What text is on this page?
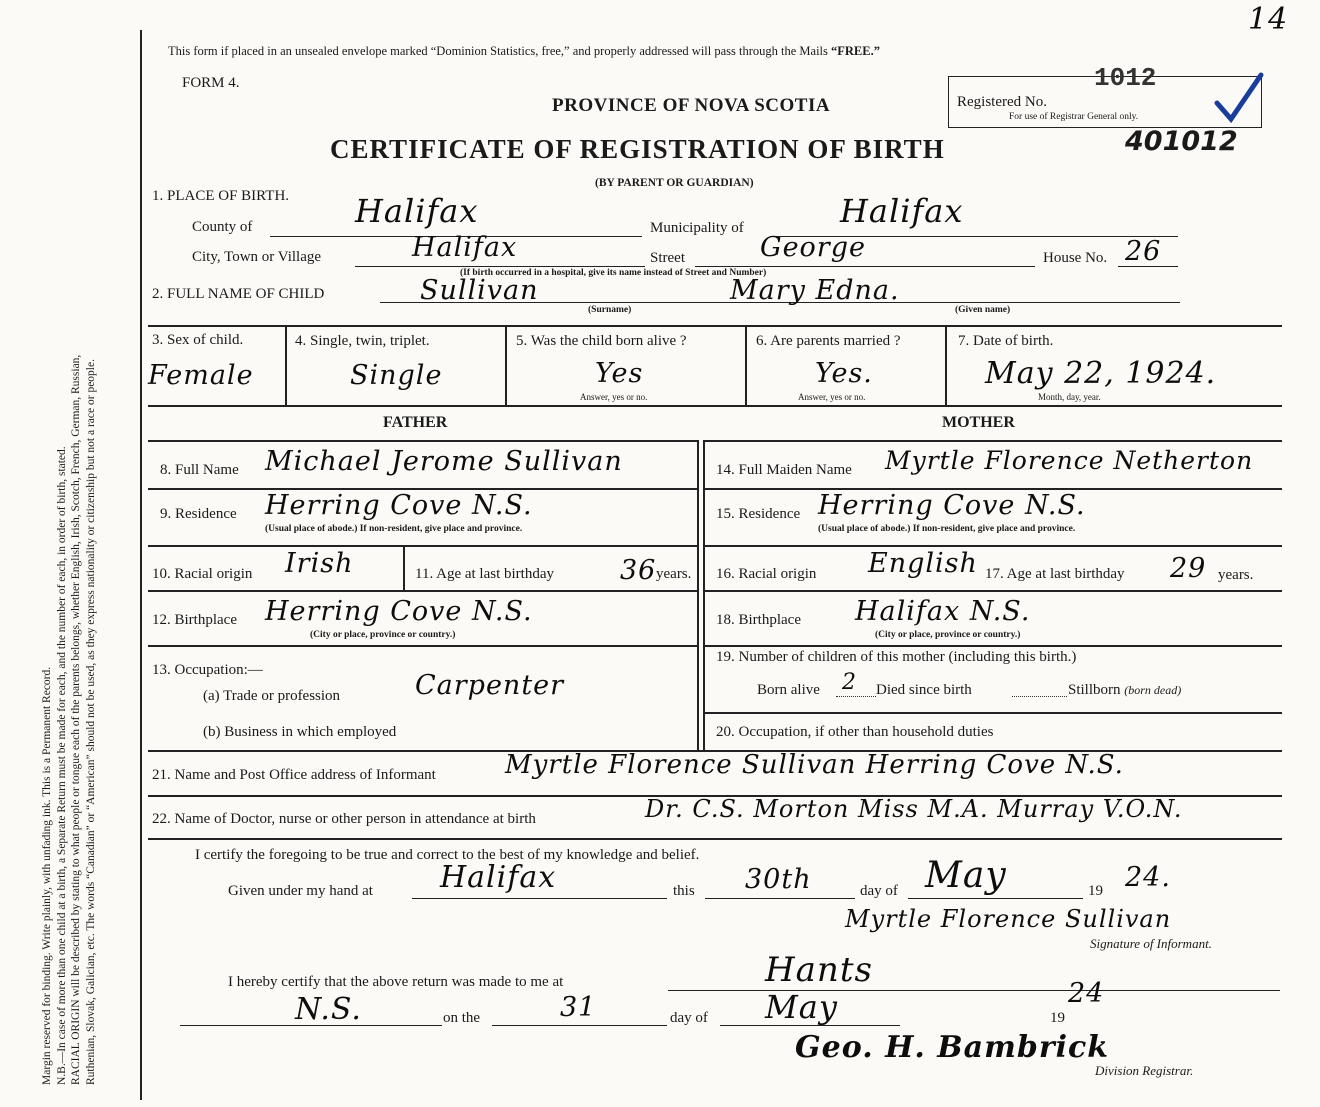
14
Margin reserved for binding. Write plainly, with unfading ink. This is a Permanent Record. N.B.—In case of more than one child at a birth, a Separate Return must be made for each, and the number of each, in order of birth, stated. RACIAL ORIGIN will be described by stating to what people or tongue each of the parents belongs, whether English, Irish, Scotch, French, German, Russian, Ruthenian, Slovak, Galician, etc. The words “Canadian” or “American” should not be used, as they express nationality or citizenship but not a race or people.
This form if placed in an unsealed envelope marked “Dominion Statistics, free,” and properly addressed will pass through the Mails “FREE.”
FORM 4.
PROVINCE OF NOVA SCOTIA
CERTIFICATE OF REGISTRATION OF BIRTH
(BY PARENT OR GUARDIAN)
Registered No.
1012
For use of Registrar General only.
401012
1. PLACE OF BIRTH.
County of	Halifax	Municipality of	Halifax
City, Town or Village	Halifax	Street	George	House No. 26
(If birth occurred in a hospital, give its name instead of Street and Number)
2. FULL NAME OF CHILD	Sullivan	Mary Edna.
(Surname)	(Given name)
3. Sex of child.
Female
4. Single, twin, triplet.
Single
5. Was the child born alive ?
Yes
Answer, yes or no.
6. Are parents married ?
Yes.
Answer, yes or no.
7. Date of birth.
May 22, 1924.
Month, day, year.
FATHER	MOTHER
8. Full Name Michael Jerome Sullivan
9. Residence Herring Cove N.S.
(Usual place of abode.) If non-resident, give place and province.
10. Racial origin Irish	11. Age at last birthday 36 years.
12. Birthplace Herring Cove N.S.
(City or place, province or country.)
13. Occupation:—
(a) Trade or profession	Carpenter
(b) Business in which employed
14. Full Maiden Name Myrtle Florence Netherton
15. Residence Herring Cove N.S.
(Usual place of abode.) If non-resident, give place and province.
16. Racial origin English 17. Age at last birthday 29 years.
18. Birthplace Halifax N.S.
(City or place, province or country.)
19. Number of children of this mother (including this birth.)
Born alive 2 Died since birth	Stillborn (born dead)
20. Occupation, if other than household duties
21. Name and Post Office address of Informant	Myrtle Florence Sullivan Herring Cove N.S.
22. Name of Doctor, nurse or other person in attendance at birth	Dr. C.S. Morton Miss M.A. Murray V.O.N.
I certify the foregoing to be true and correct to the best of my knowledge and belief.
Given under my hand at Halifax	this 30th	day of May	19 24.
Myrtle Florence Sullivan
Signature of Informant.
I hereby certify that the above return was made to me at	Hants
N.S.	on the	31	day of May	19
24
Geo. H. Bambrick
Division Registrar.
